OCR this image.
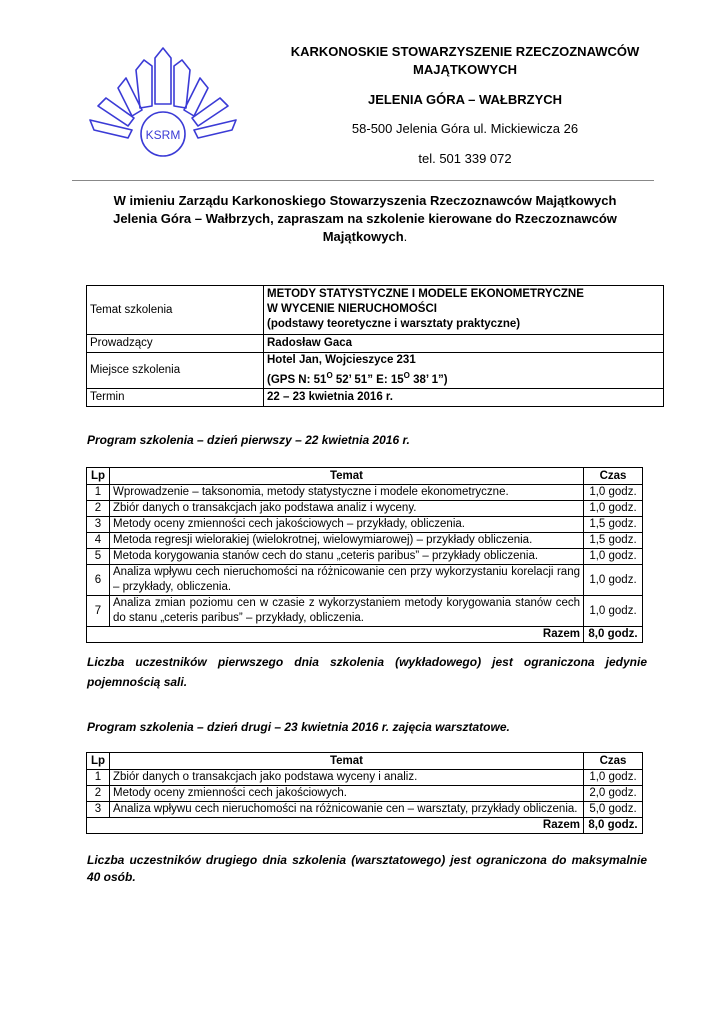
KSRM
KARKONOSKIE STOWARZYSZENIE RZECZOZNAWCÓW
MAJĄTKOWYCH
JELENIA GÓRA – WAŁBRZYCH
58-500 Jelenia Góra ul. Mickiewicza 26
tel. 501 339 072
W imieniu Zarządu Karkonoskiego Stowarzyszenia Rzeczoznawców Majątkowych
Jelenia Góra – Wałbrzych, zapraszam na szkolenie kierowane do Rzeczoznawców
Majątkowych.
Temat szkolenia	METODY STATYSTYCZNE I MODELE EKONOMETRYCZNE
W WYCENIE NIERUCHOMOŚCI
(podstawy teoretyczne i warsztaty praktyczne)

Prowadzący	Radosław Gaca
Miejsce szkolenia	Hotel Jan, Wojcieszyce 231
(GPS N: $51^O$ 52’ 51” E: $15^O$ 38’ 1”)

Termin	22 – 23 kwietnia 2016 r.
Program szkolenia – dzień pierwszy – 22 kwietnia 2016 r.
Lp	Temat	Czas
1	Wprowadzenie – taksonomia, metody statystyczne i modele ekonometryczne.	1,0 godz.
2	Zbiór danych o transakcjach jako podstawa analiz i wyceny.	1,0 godz.
3	Metody oceny zmienności cech jakościowych – przykłady, obliczenia.	1,5 godz.
4	Metoda regresji wielorakiej (wielokrotnej, wielowymiarowej) – przykłady obliczenia.	1,5 godz.
5	Metoda korygowania stanów cech do stanu „ceteris paribus” – przykłady obliczenia.	1,0 godz.
6	Analiza wpływu cech nieruchomości na różnicowanie cen przy wykorzystaniu korelacji rang – przykłady, obliczenia.	1,0 godz.
7	Analiza zmian poziomu cen w czasie z wykorzystaniem metody korygowania stanów cech do stanu „ceteris paribus” – przykłady, obliczenia.	1,0 godz.
Razem		8,0 godz.
Liczba uczestników pierwszego dnia szkolenia (wykładowego) jest ograniczona jedynie pojemnością sali.
Program szkolenia – dzień drugi – 23 kwietnia 2016 r. zajęcia warsztatowe.
Lp	Temat	Czas
1	Zbiór danych o transakcjach jako podstawa wyceny i analiz.	1,0 godz.
2	Metody oceny zmienności cech jakościowych.	2,0 godz.
3	Analiza wpływu cech nieruchomości na różnicowanie cen – warsztaty, przykłady obliczenia.	5,0 godz.
Razem		8,0 godz.
Liczba uczestników drugiego dnia szkolenia (warsztatowego) jest ograniczona do maksymalnie 40 osób.
